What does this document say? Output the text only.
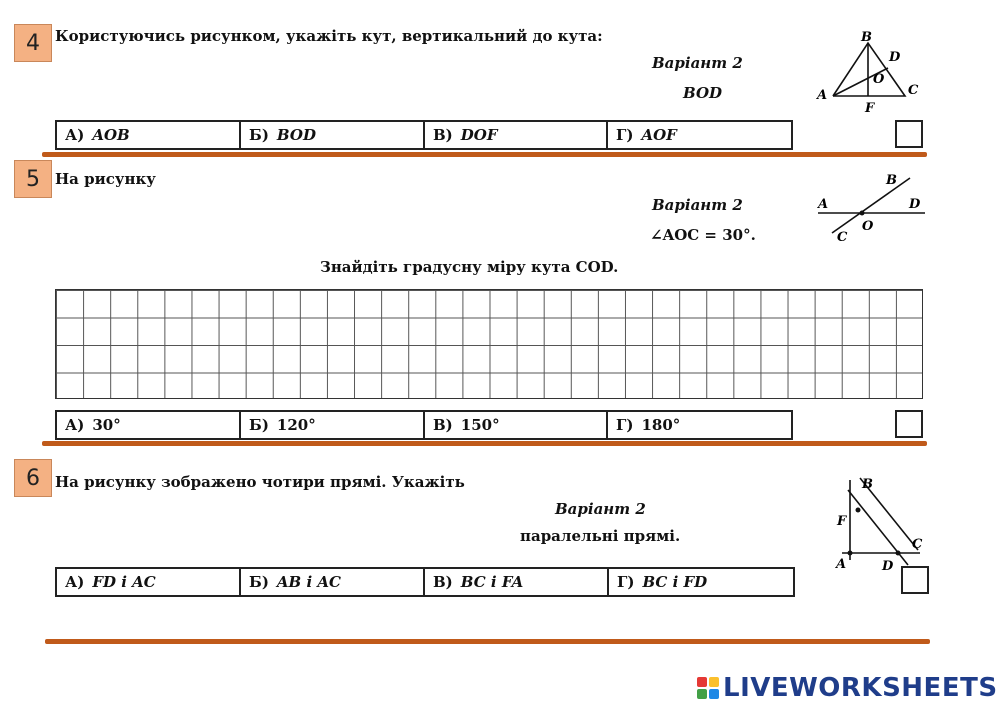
4	Користуючись рисунком, укажіть кут, вертикальний до кута:
Варіант 2
BOD
B
D
O
A	C
F
А) AOB	Б) BOD	В) DOF	Г) AOF
5	На рисунку
Варіант 2
∠AOC = 30°.
Знайдіть градусну міру кута COD.
A
B
D
O
C
А) 30°	Б) 120°	В) 150°	Г) 180°
6	На рисунку зображено чотири прямі. Укажіть
Варіант 2
паралельні прямі.
B
F
C
A	D
А) FD і AC	Б) AB і AC	В) BC і FA	Г) BC і FD
LIVEWORKSHEETS
